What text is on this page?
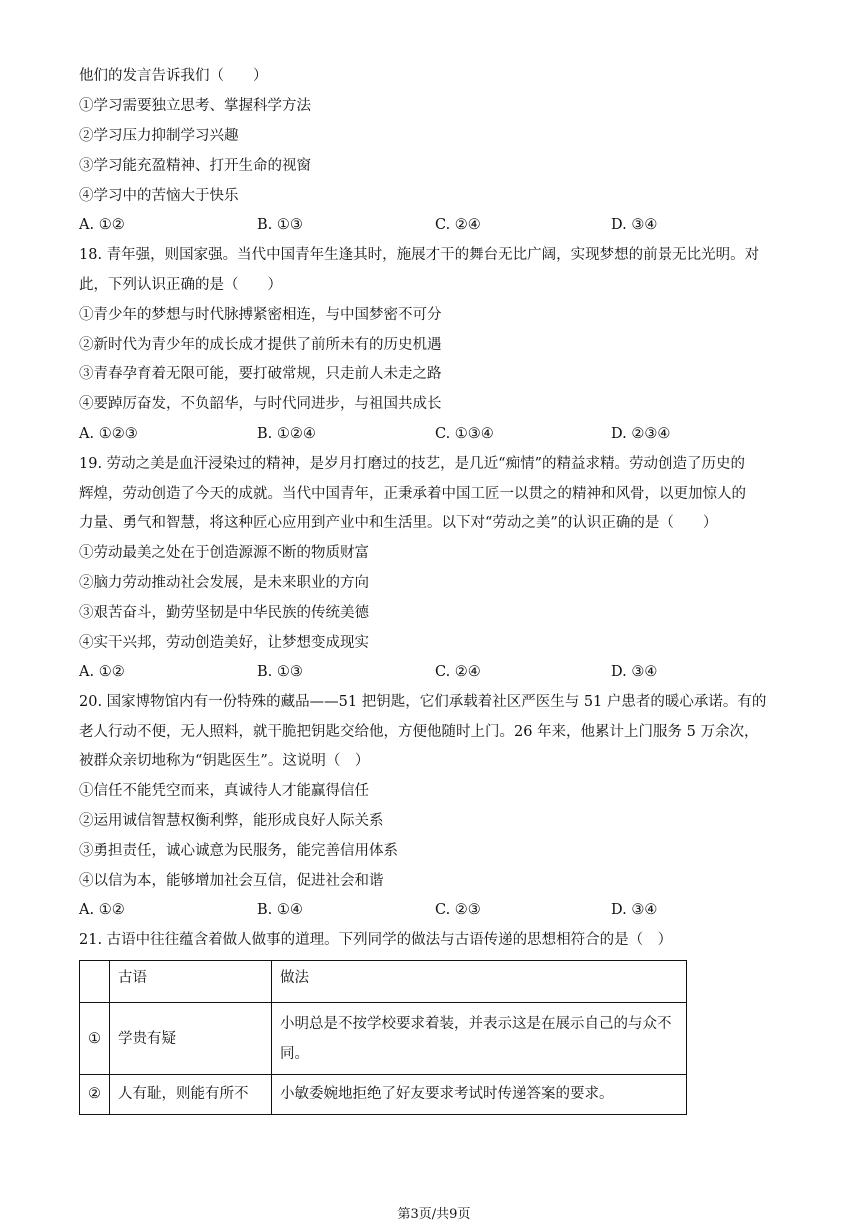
他们的发言告诉我们（　　）
①学习需要独立思考、掌握科学方法
②学习压力抑制学习兴趣
③学习能充盈精神、打开生命的视窗
④学习中的苦恼大于快乐
A. ①②	B. ①③	C. ②④	D. ③④
18. 青年强，则国家强。当代中国青年生逢其时，施展才干的舞台无比广阔，实现梦想的前景无比光明。对
此，下列认识正确的是（　　）
①青少年的梦想与时代脉搏紧密相连，与中国梦密不可分
②新时代为青少年的成长成才提供了前所未有的历史机遇
③青春孕育着无限可能，要打破常规，只走前人未走之路
④要踔厉奋发，不负韶华，与时代同进步，与祖国共成长
A. ①②③	B. ①②④	C. ①③④	D. ②③④
19. 劳动之美是血汗浸染过的精神，是岁月打磨过的技艺，是几近“痴情”的精益求精。劳动创造了历史的
辉煌，劳动创造了今天的成就。当代中国青年，正秉承着中国工匠一以贯之的精神和风骨，以更加惊人的
力量、勇气和智慧，将这种匠心应用到产业中和生活里。以下对“劳动之美”的认识正确的是（　　）
①劳动最美之处在于创造源源不断的物质财富
②脑力劳动推动社会发展，是未来职业的方向
③艰苦奋斗，勤劳坚韧是中华民族的传统美德
④实干兴邦，劳动创造美好，让梦想变成现实
A. ①②	B. ①③	C. ②④	D. ③④
20. 国家博物馆内有一份特殊的藏品——51 把钥匙，它们承载着社区严医生与 51 户患者的暖心承诺。有的
老人行动不便，无人照料，就干脆把钥匙交给他，方便他随时上门。26 年来，他累计上门服务 5 万余次，
被群众亲切地称为“钥匙医生”。这说明（　）
①信任不能凭空而来，真诚待人才能赢得信任
②运用诚信智慧权衡利弊，能形成良好人际关系
③勇担责任，诚心诚意为民服务，能完善信用体系
④以信为本，能够增加社会互信，促进社会和谐
A. ①②	B. ①④	C. ②③	D. ③④
21. 古语中往往蕴含着做人做事的道理。下列同学的做法与古语传递的思想相符合的是（　）
	古语	做法
①	学贵有疑	小明总是不按学校要求着装，并表示这是在展示自己的与众不同。
②	人有耻，则能有所不	小敏委婉地拒绝了好友要求考试时传递答案的要求。
第3页/共9页
